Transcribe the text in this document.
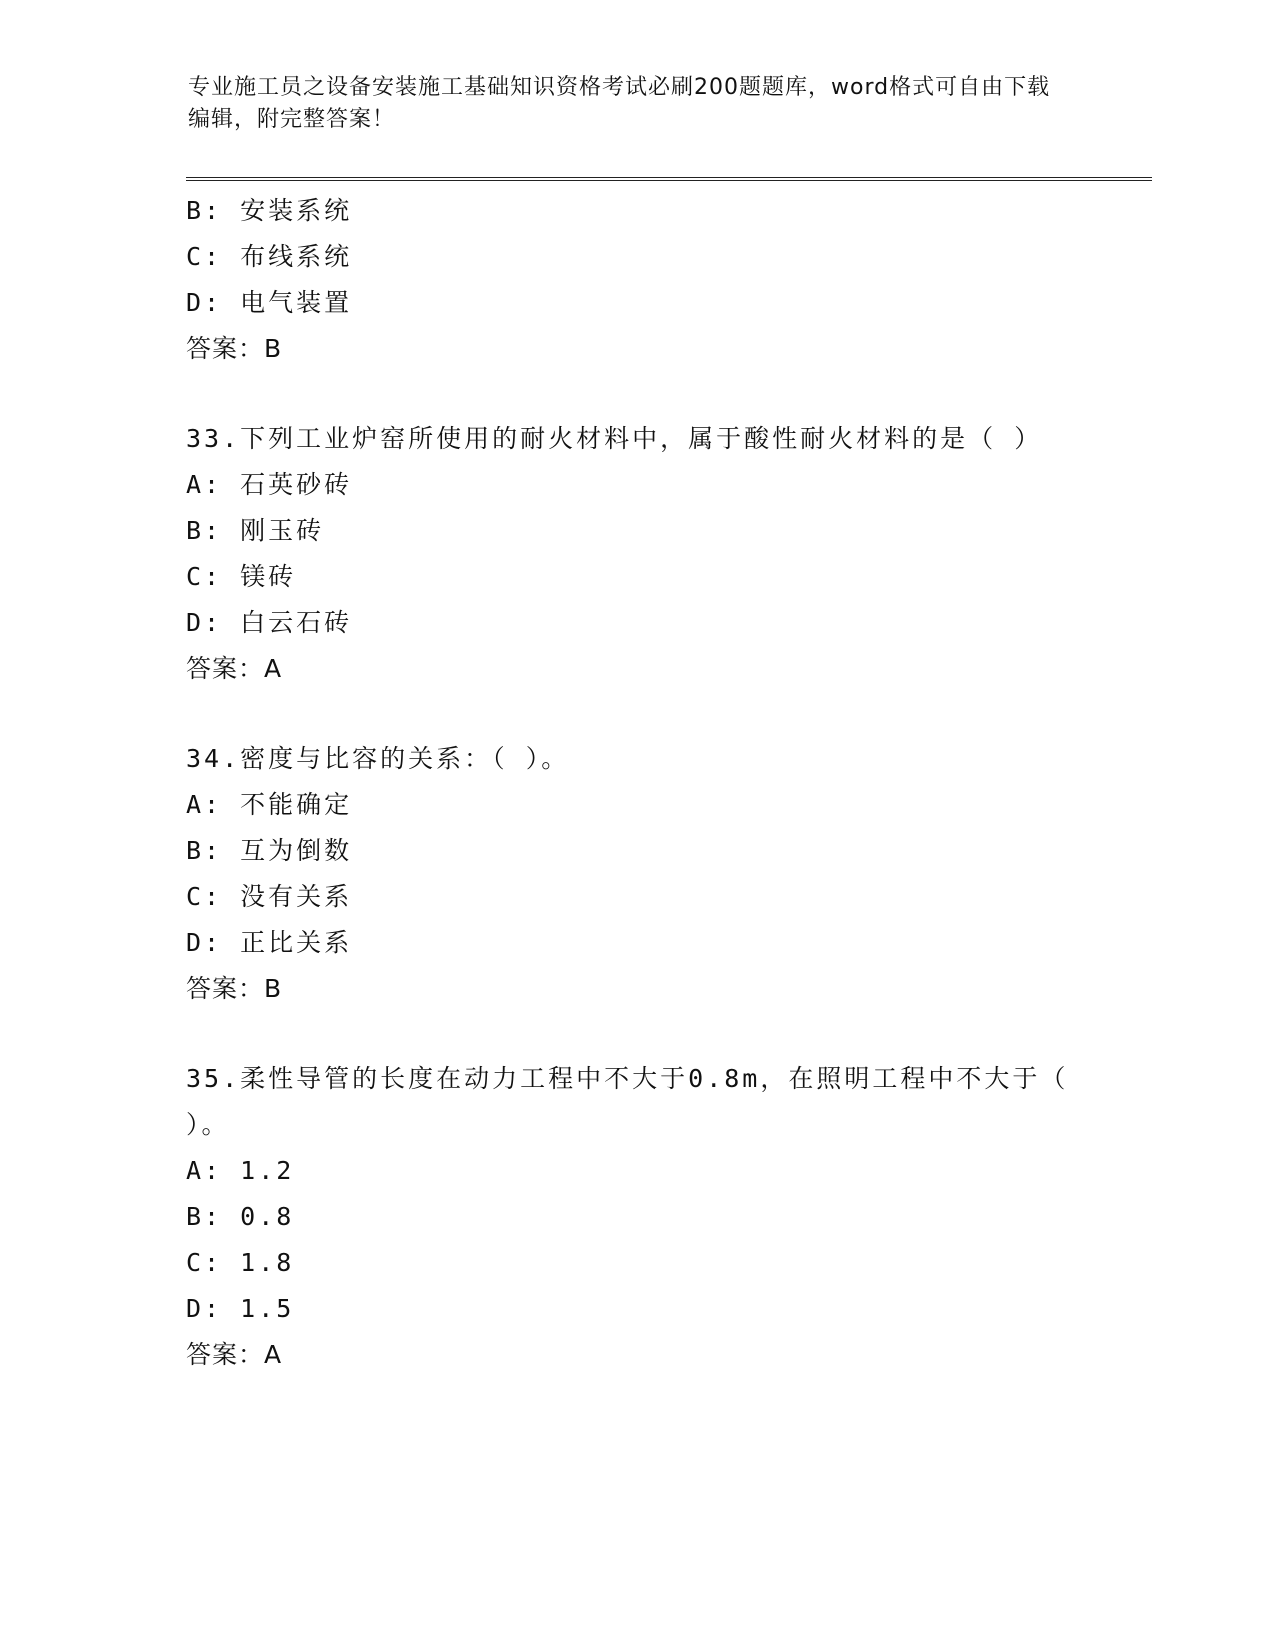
专业施工员之设备安装施工基础知识资格考试必刷200题题库，word格式可自由下载编辑，附完整答案！
B: 安装系统
C: 布线系统
D: 电气装置
答案：B
33.下列工业炉窑所使用的耐火材料中，属于酸性耐火材料的是（ ）
A: 石英砂砖
B: 刚玉砖
C: 镁砖
D: 白云石砖
答案：A
34.密度与比容的关系：（ ）。
A: 不能确定
B: 互为倒数
C: 没有关系
D: 正比关系
答案：B
35.柔性导管的长度在动力工程中不大于0.8m，在照明工程中不大于（ ）。
A: 1.2
B: 0.8
C: 1.8
D: 1.5
答案：A
